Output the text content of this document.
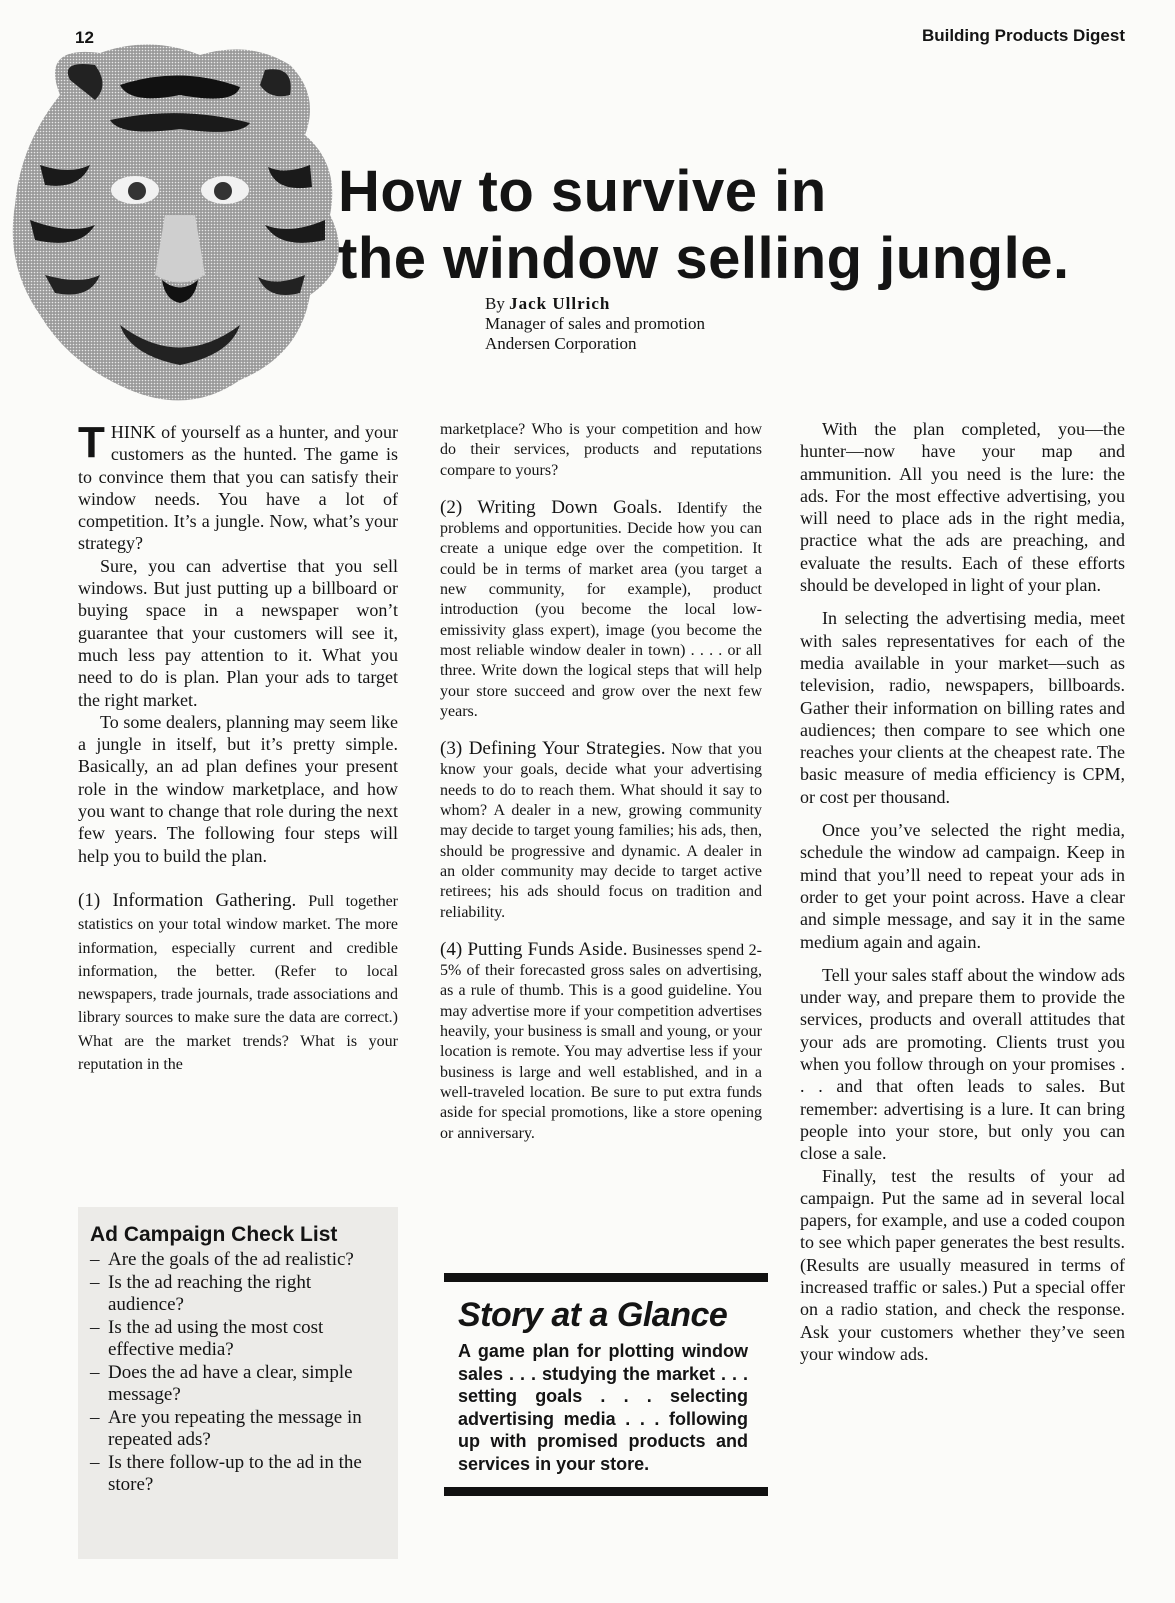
12	Building Products Digest
How to survive in
the window selling jungle.
By Jack Ullrich
Manager of sales and promotion
Andersen Corporation

THINK of yourself as a hunter, and your customers as the hunted. The game is to convince them that you can satisfy their window needs. You have a lot of competition. It’s a jungle. Now, what’s your strategy?

Sure, you can advertise that you sell windows. But just putting up a billboard or buying space in a newspaper won’t guarantee that your customers will see it, much less pay attention to it. What you need to do is plan. Plan your ads to target the right market.

To some dealers, planning may seem like a jungle in itself, but it’s pretty simple. Basically, an ad plan defines your present role in the window marketplace, and how you want to change that role during the next few years. The following four steps will help you to build the plan.

(1) Information Gathering. Pull together statistics on your total window market. The more information, especially current and credible information, the better. (Refer to local newspapers, trade journals, trade associations and library sources to make sure the data are correct.) What are the market trends? What is your reputation in the

Ad Campaign Check List
– Are the goals of the ad realistic?
– Is the ad reaching the right audience?
– Is the ad using the most cost effective media?
– Does the ad have a clear, simple message?
– Are you repeating the message in repeated ads?
– Is there follow-up to the ad in the store?

marketplace? Who is your competition and how do their services, products and reputations compare to yours?

(2) Writing Down Goals. Identify the problems and opportunities. Decide how you can create a unique edge over the competition. It could be in terms of market area (you target a new community, for example), product introduction (you become the local low-emissivity glass expert), image (you become the most reliable window dealer in town) . . . . or all three. Write down the logical steps that will help your store succeed and grow over the next few years.

(3) Defining Your Strategies. Now that you know your goals, decide what your advertising needs to do to reach them. What should it say to whom? A dealer in a new, growing community may decide to target young families; his ads, then, should be progressive and dynamic. A dealer in an older community may decide to target active retirees; his ads should focus on tradition and reliability.

(4) Putting Funds Aside. Businesses spend 2-5% of their forecasted gross sales on advertising, as a rule of thumb. This is a good guideline. You may advertise more if your competition advertises heavily, your business is small and young, or your location is remote. You may advertise less if your business is large and well established, and in a well-traveled location. Be sure to put extra funds aside for special promotions, like a store opening or anniversary.

Story at a Glance

A game plan for plotting window sales . . . studying the market . . . setting goals . . . selecting advertising media . . . following up with promised products and services in your store.

With the plan completed, you—the hunter—now have your map and ammunition. All you need is the lure: the ads. For the most effective advertising, you will need to place ads in the right media, practice what the ads are preaching, and evaluate the results. Each of these efforts should be developed in light of your plan.

In selecting the advertising media, meet with sales representatives for each of the media available in your market—such as television, radio, newspapers, billboards. Gather their information on billing rates and audiences; then compare to see which one reaches your clients at the cheapest rate. The basic measure of media efficiency is CPM, or cost per thousand.

Once you’ve selected the right media, schedule the window ad campaign. Keep in mind that you’ll need to repeat your ads in order to get your point across. Have a clear and simple message, and say it in the same medium again and again.

Tell your sales staff about the window ads under way, and prepare them to provide the services, products and overall attitudes that your ads are promoting. Clients trust you when you follow through on your promises . . . and that often leads to sales. But remember: advertising is a lure. It can bring people into your store, but only you can close a sale.

Finally, test the results of your ad campaign. Put the same ad in several local papers, for example, and use a coded coupon to see which paper generates the best results. (Results are usually measured in terms of increased traffic or sales.) Put a special offer on a radio station, and check the response. Ask your customers whether they’ve seen your window ads.
